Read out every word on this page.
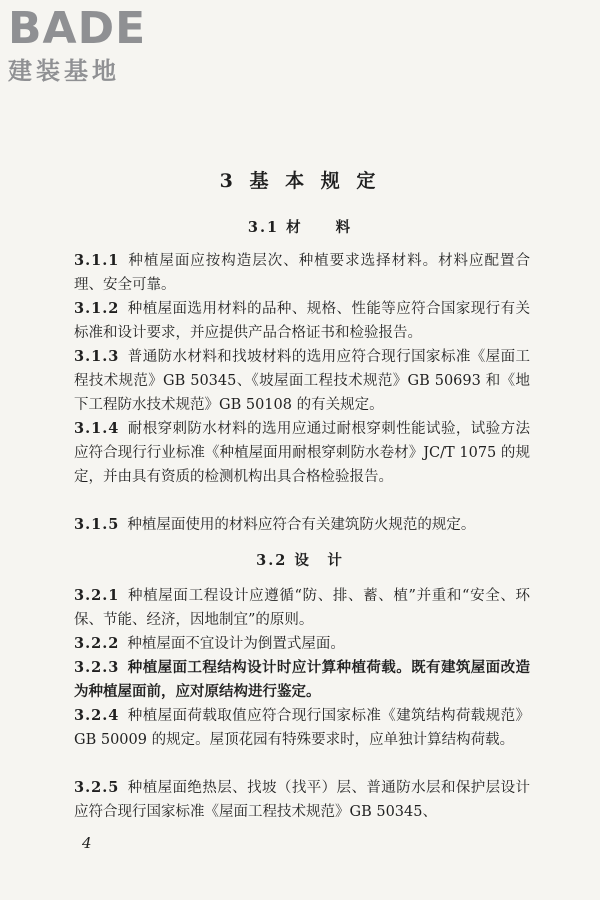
BADE
建装基地
3 基 本 规 定
3.1 材　　料
3.1.1 种植屋面应按构造层次、种植要求选择材料。材料应配置合理、安全可靠。
3.1.2 种植屋面选用材料的品种、规格、性能等应符合国家现行有关标准和设计要求，并应提供产品合格证书和检验报告。
3.1.3 普通防水材料和找坡材料的选用应符合现行国家标准《屋面工程技术规范》GB 50345、《坡屋面工程技术规范》GB 50693 和《地下工程防水技术规范》GB 50108 的有关规定。
3.1.4 耐根穿刺防水材料的选用应通过耐根穿刺性能试验，试验方法应符合现行行业标准《种植屋面用耐根穿刺防水卷材》JC/T 1075 的规定，并由具有资质的检测机构出具合格检验报告。
3.1.5 种植屋面使用的材料应符合有关建筑防火规范的规定。
3.2 设　计
3.2.1 种植屋面工程设计应遵循“防、排、蓄、植”并重和“安全、环保、节能、经济，因地制宜”的原则。
3.2.2 种植屋面不宜设计为倒置式屋面。
3.2.3 种植屋面工程结构设计时应计算种植荷载。既有建筑屋面改造为种植屋面前，应对原结构进行鉴定。
3.2.4 种植屋面荷载取值应符合现行国家标准《建筑结构荷载规范》GB 50009 的规定。屋顶花园有特殊要求时，应单独计算结构荷载。
3.2.5 种植屋面绝热层、找坡（找平）层、普通防水层和保护层设计应符合现行国家标准《屋面工程技术规范》GB 50345、
4
